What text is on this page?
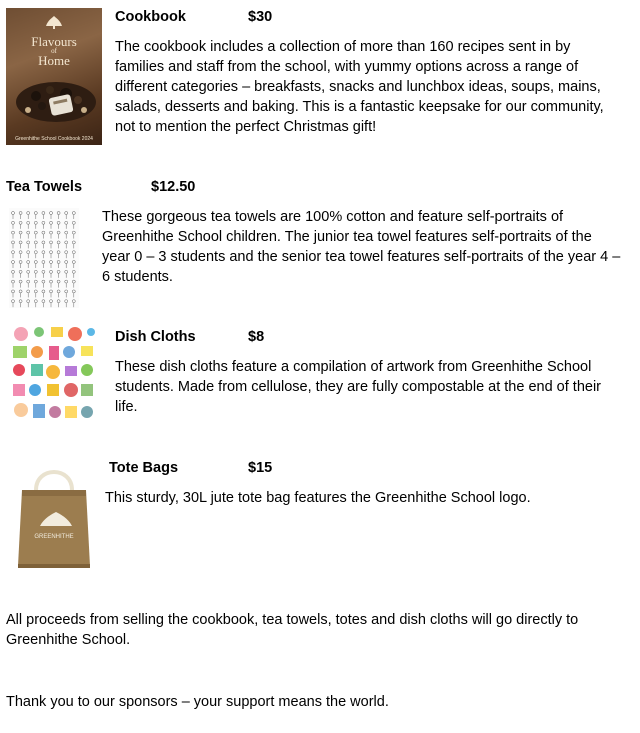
Flavours
of
Home
Greenhithe School Cookbook 2024
Cookbook	$30
The cookbook includes a collection of more than 160 recipes sent in by families and staff from the school, with yummy options across a range of different categories – breakfasts, snacks and lunchbox ideas, soups, mains, salads, desserts and baking. This is a fantastic keepsake for our community, not to mention the perfect Christmas gift!
Tea Towels	$12.50
These gorgeous tea towels are 100% cotton and feature self-portraits of Greenhithe School children. The junior tea towel features self-portraits of the year 0 – 3 students and the senior tea towel features self-portraits of the year 4 – 6 students.
Dish Cloths	$8
These dish cloths feature a compilation of artwork from Greenhithe School students. Made from cellulose, they are fully compostable at the end of their life.
GREENHITHE
Tote Bags	$15
This sturdy, 30L jute tote bag features the Greenhithe School logo.
All proceeds from selling the cookbook, tea towels, totes and dish cloths will go directly to Greenhithe School.
Thank you to our sponsors – your support means the world.
